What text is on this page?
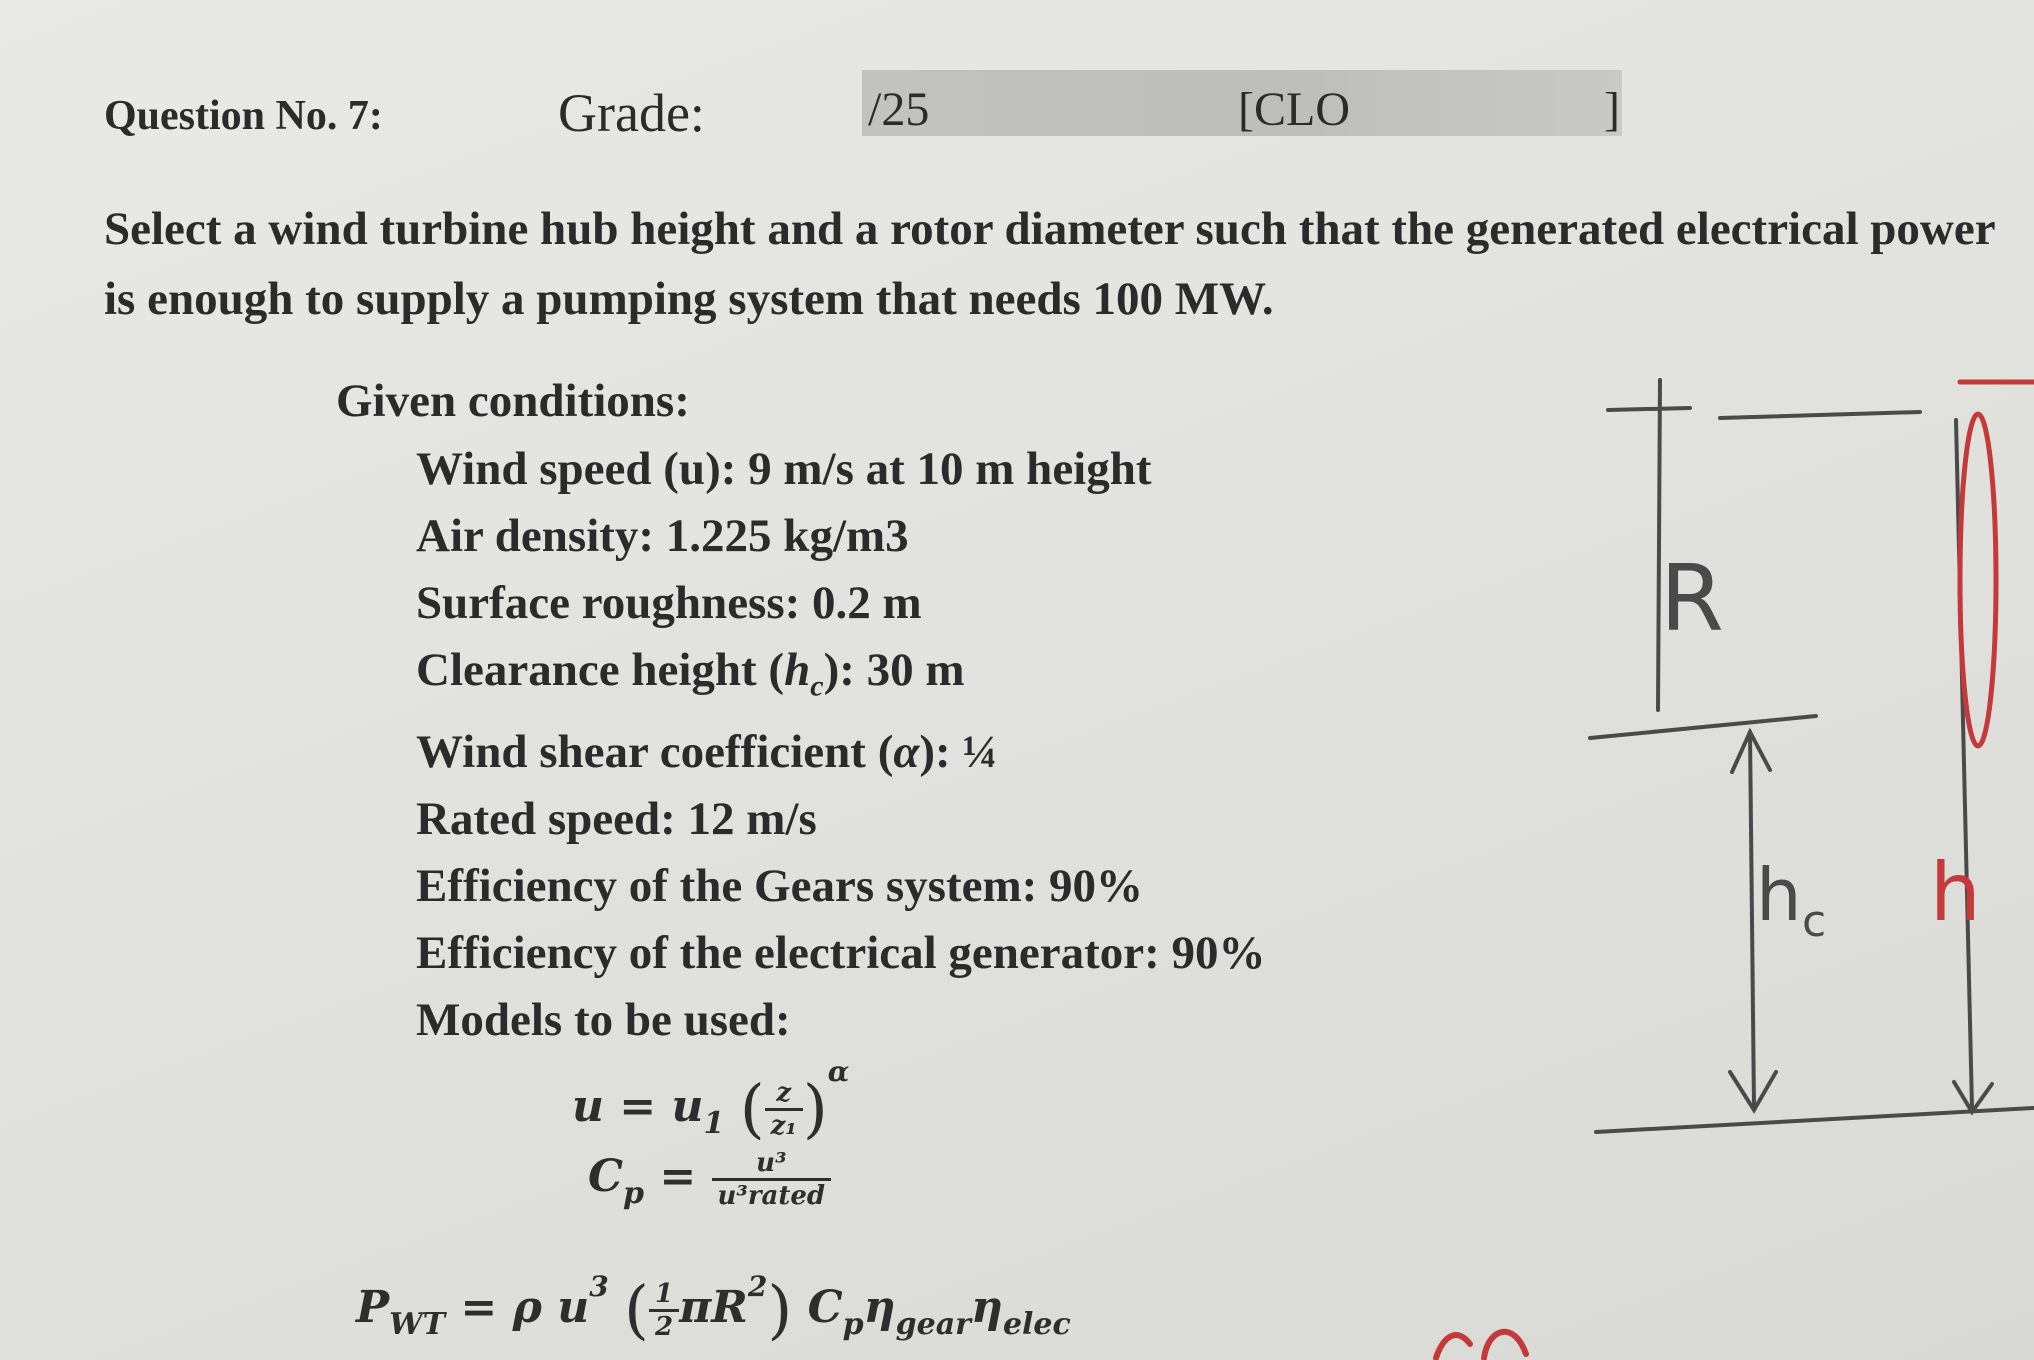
Question No. 7:	Grade:	/25	[CLO	]
Select a wind turbine hub height and a rotor diameter such that the generated electrical power is enough to supply a pumping system that needs 100 MW.
Given conditions:
Wind speed (u): 9 m/s at 10 m height
Air density: 1.225 kg/m3
Surface roughness: 0.2 m
Clearance height $(h_c)$: 30 m
Wind shear coefficient (α): ¼
Rated speed: 12 m/s
Efficiency of the Gears system: 90%
Efficiency of the electrical generator: 90%
Models to be used:
$u = u_1$ ( $\frac{z}{\text{z₁}} )^\alpha$
$C_p = \frac{\text{u³}}{\text{u³rated}}$
$P_{WT} = \rho$ $u^3$ ( $\frac{1}{2} \pi R^2$) $C_p\eta_{gear}\eta_{elec}$
R
h c h
